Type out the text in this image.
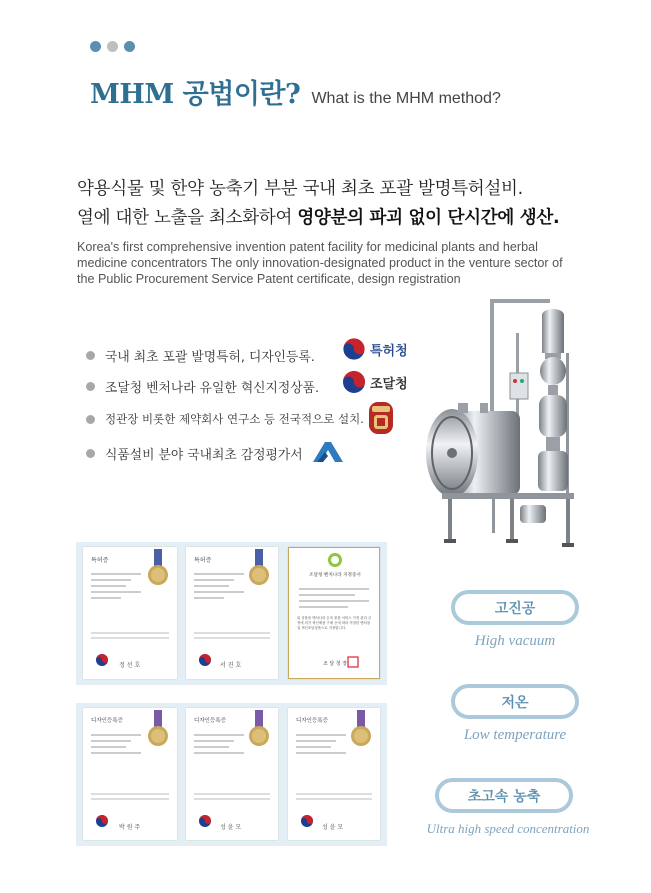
MHM 공법이란? What is the MHM method?
약용식물 및 한약 농축기 부분 국내 최초 포괄 발명특허설비.
열에 대한 노출을 최소화하여 영양분의 파괴 없이 단시간에 생산.
Korea's first comprehensive invention patent facility for medicinal plants and herbal medicine concentrators The only innovation-designated product in the venture sector of the Public Procurement Service Patent certificate, design registration
국내 최초 포괄 발명특허, 디자인등록.
조달청 벤처나라 유일한 혁신지정상품.
정관장 비롯한 제약회사 연구소 등 전국적으로 설치.
식품설비 분야 국내최초 감정평가서
특허청
조달청
특허증
정 선 호
특허증
서 진 호
조달청 벤처나라 지정증서
위 상품을 벤처나라 등록 물품 서비스 가정 관리 규정에 의거 혁신제품 구매 등에 따라 적정한 벤처창업 혁신조달상품으로 지정합니다.
조 달 청 장
디자인등록증
박 원 주
디자인등록증
성 윤 모
디자인등록증
성 윤 모
고진공
High vacuum
저온
Low temperature
초고속 농축
Ultra high speed concentration
